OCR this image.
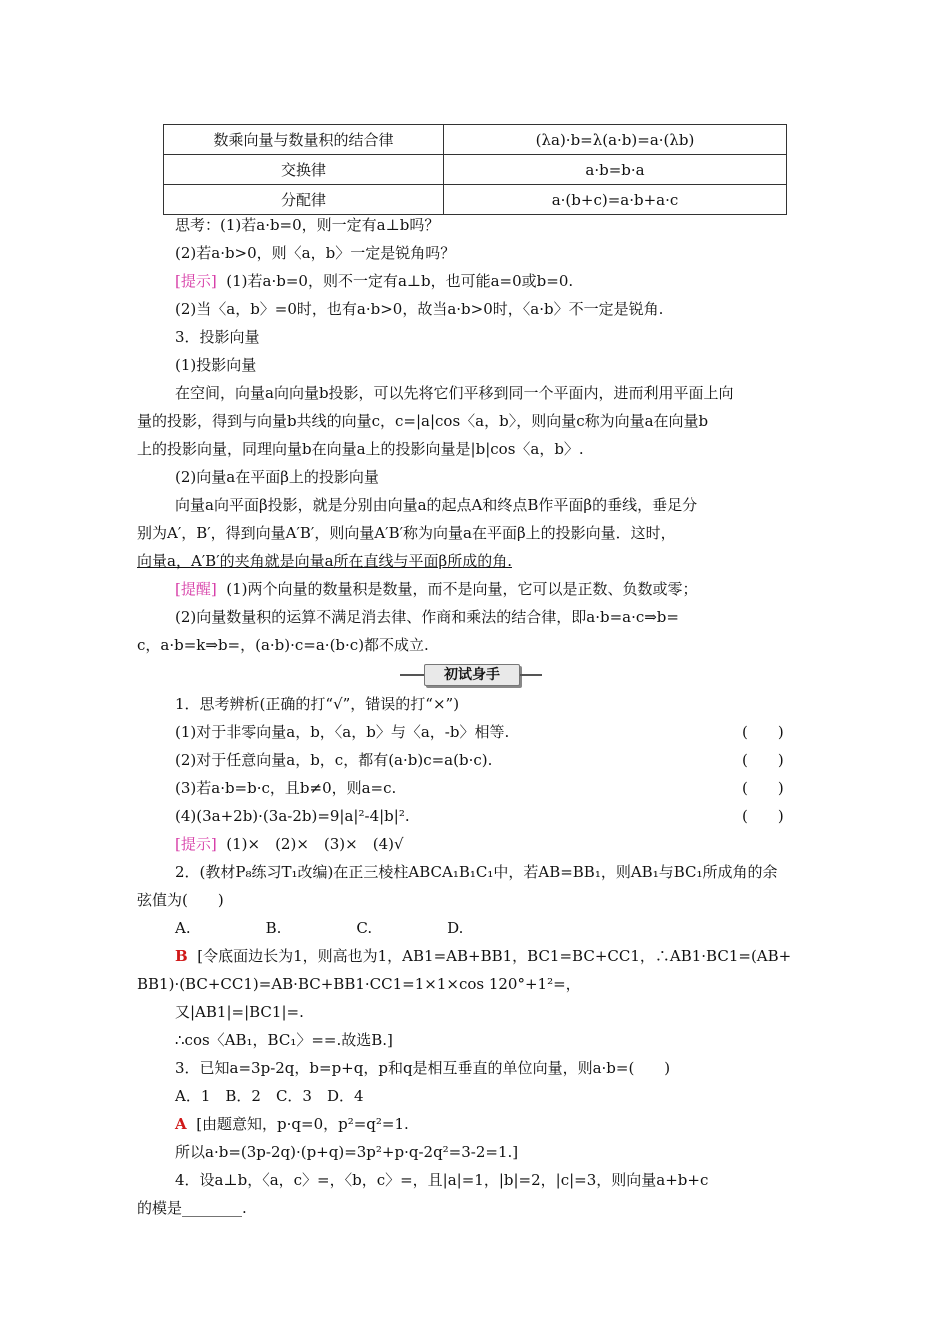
数乘向量与数量积的结合律	(λa)·b=λ(a·b)=a·(λb)
交换律	a·b=b·a
分配律	a·(b+c)=a·b+a·c
思考：(1)若a·b=0，则一定有a⊥b吗？
(2)若a·b>0，则〈a，b〉一定是锐角吗？
[提示] (1)若a·b=0，则不一定有a⊥b，也可能a=0或b=0.
(2)当〈a，b〉=0时，也有a·b>0，故当a·b>0时，〈a·b〉不一定是锐角.
3．投影向量
(1)投影向量
在空间，向量a向向量b投影，可以先将它们平移到同一个平面内，进而利用平面上向
量的投影，得到与向量b共线的向量c，c=|a|cos〈a，b〉，则向量c称为向量a在向量b
上的投影向量，同理向量b在向量a上的投影向量是|b|cos〈a，b〉.
(2)向量a在平面β上的投影向量
向量a向平面β投影，就是分别由向量a的起点A和终点B作平面β的垂线，垂足分
别为A′，B′，得到向量A′B′，则向量A′B′称为向量a在平面β上的投影向量．这时，
向量a，A′B′的夹角就是向量a所在直线与平面β所成的角.
[提醒] (1)两个向量的数量积是数量，而不是向量，它可以是正数、负数或零；
(2)向量数量积的运算不满足消去律、作商和乘法的结合律，即a·b=a·c⇒b=
c，a·b=k⇒b=，(a·b)·c=a·(b·c)都不成立.
初试身手
1．思考辨析(正确的打“√”，错误的打“×”)
(1)对于非零向量a，b，〈a，b〉与〈a，-b〉相等.	(　　)
(2)对于任意向量a，b，c，都有(a·b)c=a(b·c).	(　　)
(3)若a·b=b·c，且b≠0，则a=c.	(　　)
(4)(3a+2b)·(3a-2b)=9|a|²-4|b|².	(　　)
[提示] (1)×　(2)×　(3)×　(4)√
2．(教材P₈练习T₁改编)在正三棱柱ABCA₁B₁C₁中，若AB=BB₁，则AB₁与BC₁所成角的余
弦值为(　　)
A.　　　　　B.　　　　　C.　　　　　D.
B [令底面边长为1，则高也为1，AB1=AB+BB1，BC1=BC+CC1，∴AB1·BC1=(AB+
BB1)·(BC+CC1)=AB·BC+BB1·CC1=1×1×cos 120°+1²=，
又|AB1|=|BC1|=.
∴cos〈AB₁，BC₁〉==.故选B.]
3．已知a=3p-2q，b=p+q，p和q是相互垂直的单位向量，则a·b=(　　)
A．1　B．2　C．3　D．4
A [由题意知，p·q=0，p²=q²=1.
所以a·b=(3p-2q)·(p+q)=3p²+p·q-2q²=3-2=1.]
4．设a⊥b，〈a，c〉=，〈b，c〉=，且|a|=1，|b|=2，|c|=3，则向量a+b+c
的模是________.
